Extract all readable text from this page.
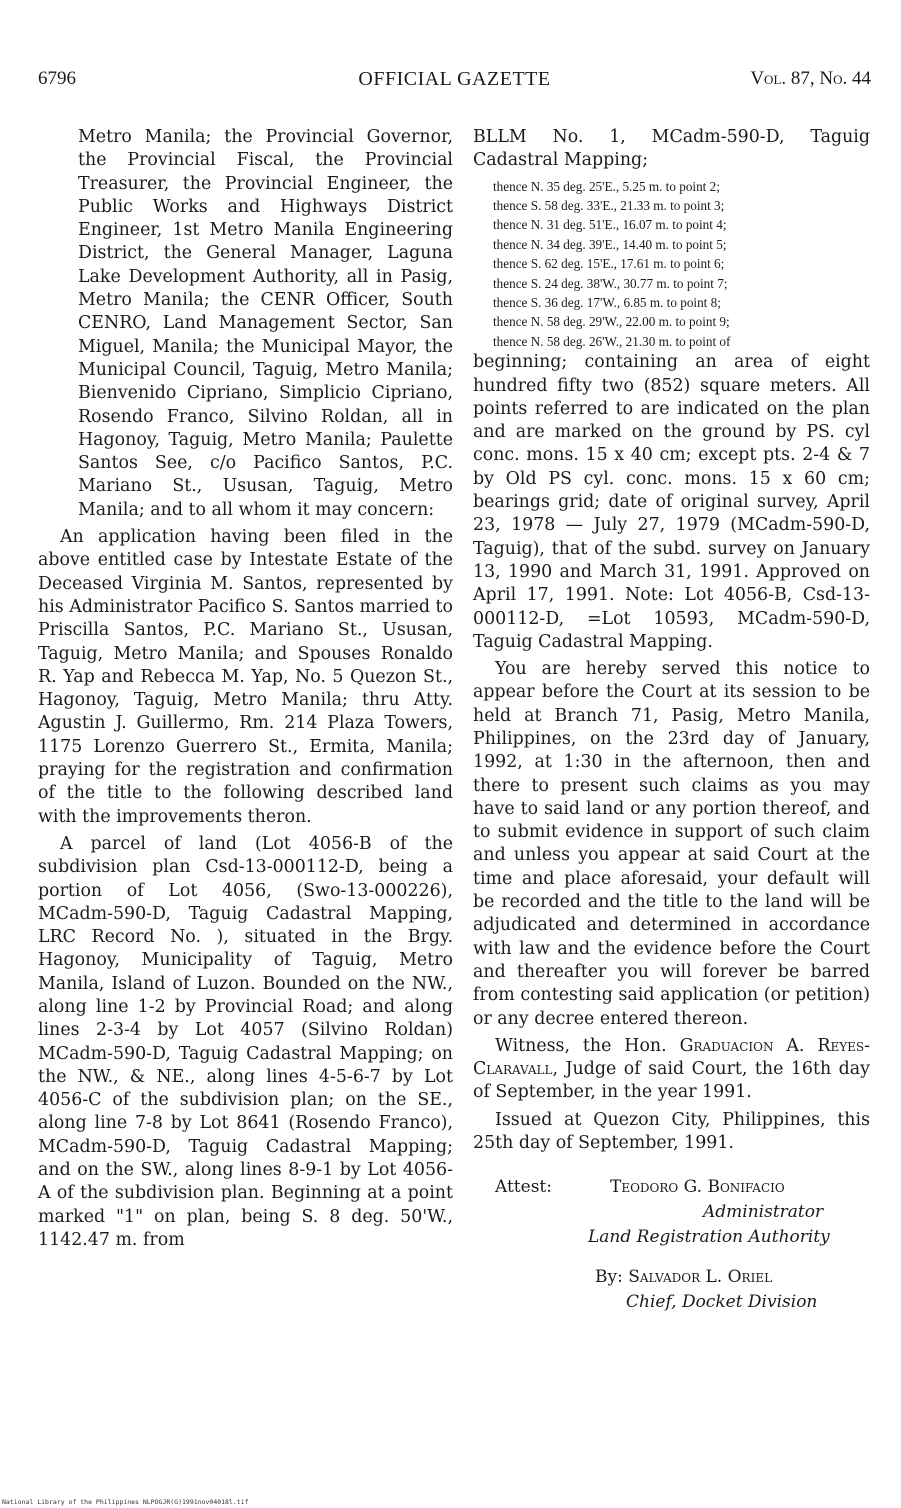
6796	OFFICIAL GAZETTE	Vol. 87, No. 44

Metro Manila; the Provincial Governor, the Provincial Fiscal, the Provincial Treasurer, the Provincial Engineer, the Public Works and Highways District Engineer, 1st Metro Manila Engineering District, the General Manager, Laguna Lake Development Authority, all in Pasig, Metro Manila; the CENR Officer, South CENRO, Land Management Sector, San Miguel, Manila; the Municipal Mayor, the Municipal Council, Taguig, Metro Manila; Bienvenido Cipriano, Simplicio Cipriano, Rosendo Franco, Silvino Roldan, all in Hagonoy, Taguig, Metro Manila; Paulette Santos See, c/o Pacifico Santos, P.C. Mariano St., Ususan, Taguig, Metro Manila; and to all whom it may concern:

An application having been filed in the above entitled case by Intestate Estate of the Deceased Virginia M. Santos, represented by his Administrator Pacifico S. Santos married to Priscilla Santos, P.C. Mariano St., Ususan, Taguig, Metro Manila; and Spouses Ronaldo R. Yap and Rebecca M. Yap, No. 5 Quezon St., Hagonoy, Taguig, Metro Manila; thru Atty. Agustin J. Guillermo, Rm. 214 Plaza Towers, 1175 Lorenzo Guerrero St., Ermita, Manila; praying for the registration and confirmation of the title to the following described land with the improvements theron.

A parcel of land (Lot 4056-B of the subdivision plan Csd-13-000112-D, being a portion of Lot 4056, (Swo-13-000226), MCadm-590-D, Taguig Cadastral Mapping, LRC Record No. ), situated in the Brgy. Hagonoy, Municipality of Taguig, Metro Manila, Island of Luzon. Bounded on the NW., along line 1-2 by Provincial Road; and along lines 2-3-4 by Lot 4057 (Silvino Roldan) MCadm-590-D, Taguig Cadastral Mapping; on the NW., & NE., along lines 4-5-6-7 by Lot 4056-C of the subdivision plan; on the SE., along line 7-8 by Lot 8641 (Rosendo Franco), MCadm-590-D, Taguig Cadastral Mapping; and on the SW., along lines 8-9-1 by Lot 4056-A of the subdivision plan. Beginning at a point marked "1" on plan, being S. 8 deg. 50'W., 1142.47 m. from

BLLM No. 1, MCadm-590-D, Taguig Cadastral Mapping;

thence N. 35 deg. 25'E., 5.25 m. to point 2;
thence S. 58 deg. 33'E., 21.33 m. to point 3;
thence N. 31 deg. 51'E., 16.07 m. to point 4;
thence N. 34 deg. 39'E., 14.40 m. to point 5;
thence S. 62 deg. 15'E., 17.61 m. to point 6;
thence S. 24 deg. 38'W., 30.77 m. to point 7;
thence S. 36 deg. 17'W., 6.85 m. to point 8;
thence N. 58 deg. 29'W., 22.00 m. to point 9;
thence N. 58 deg. 26'W., 21.30 m. to point of

beginning; containing an area of eight hundred fifty two (852) square meters. All points referred to are indicated on the plan and are marked on the ground by PS. cyl conc. mons. 15 x 40 cm; except pts. 2-4 & 7 by Old PS cyl. conc. mons. 15 x 60 cm; bearings grid; date of original survey, April 23, 1978 — July 27, 1979 (MCadm-590-D, Taguig), that of the subd. survey on January 13, 1990 and March 31, 1991. Approved on April 17, 1991. Note: Lot 4056-B, Csd-13-000112-D, =Lot 10593, MCadm-590-D, Taguig Cadastral Mapping.

You are hereby served this notice to appear before the Court at its session to be held at Branch 71, Pasig, Metro Manila, Philippines, on the 23rd day of January, 1992, at 1:30 in the afternoon, then and there to present such claims as you may have to said land or any portion thereof, and to submit evidence in support of such claim and unless you appear at said Court at the time and place aforesaid, your default will be recorded and the title to the land will be adjudicated and determined in accordance with law and the evidence before the Court and thereafter you will forever be barred from contesting said application (or petition) or any decree entered thereon.

Witness, the Hon. Graduacion A. Reyes-Claravall, Judge of said Court, the 16th day of September, in the year 1991.

Issued at Quezon City, Philippines, this 25th day of September, 1991.

Attest:	Teodoro G. Bonifacio
Administrator
Land Registration Authority
By: Salvador L. Oriel
Chief, Docket Division
National Library of the Philippines NLPOGJR(G)1991nov04018l.tif
